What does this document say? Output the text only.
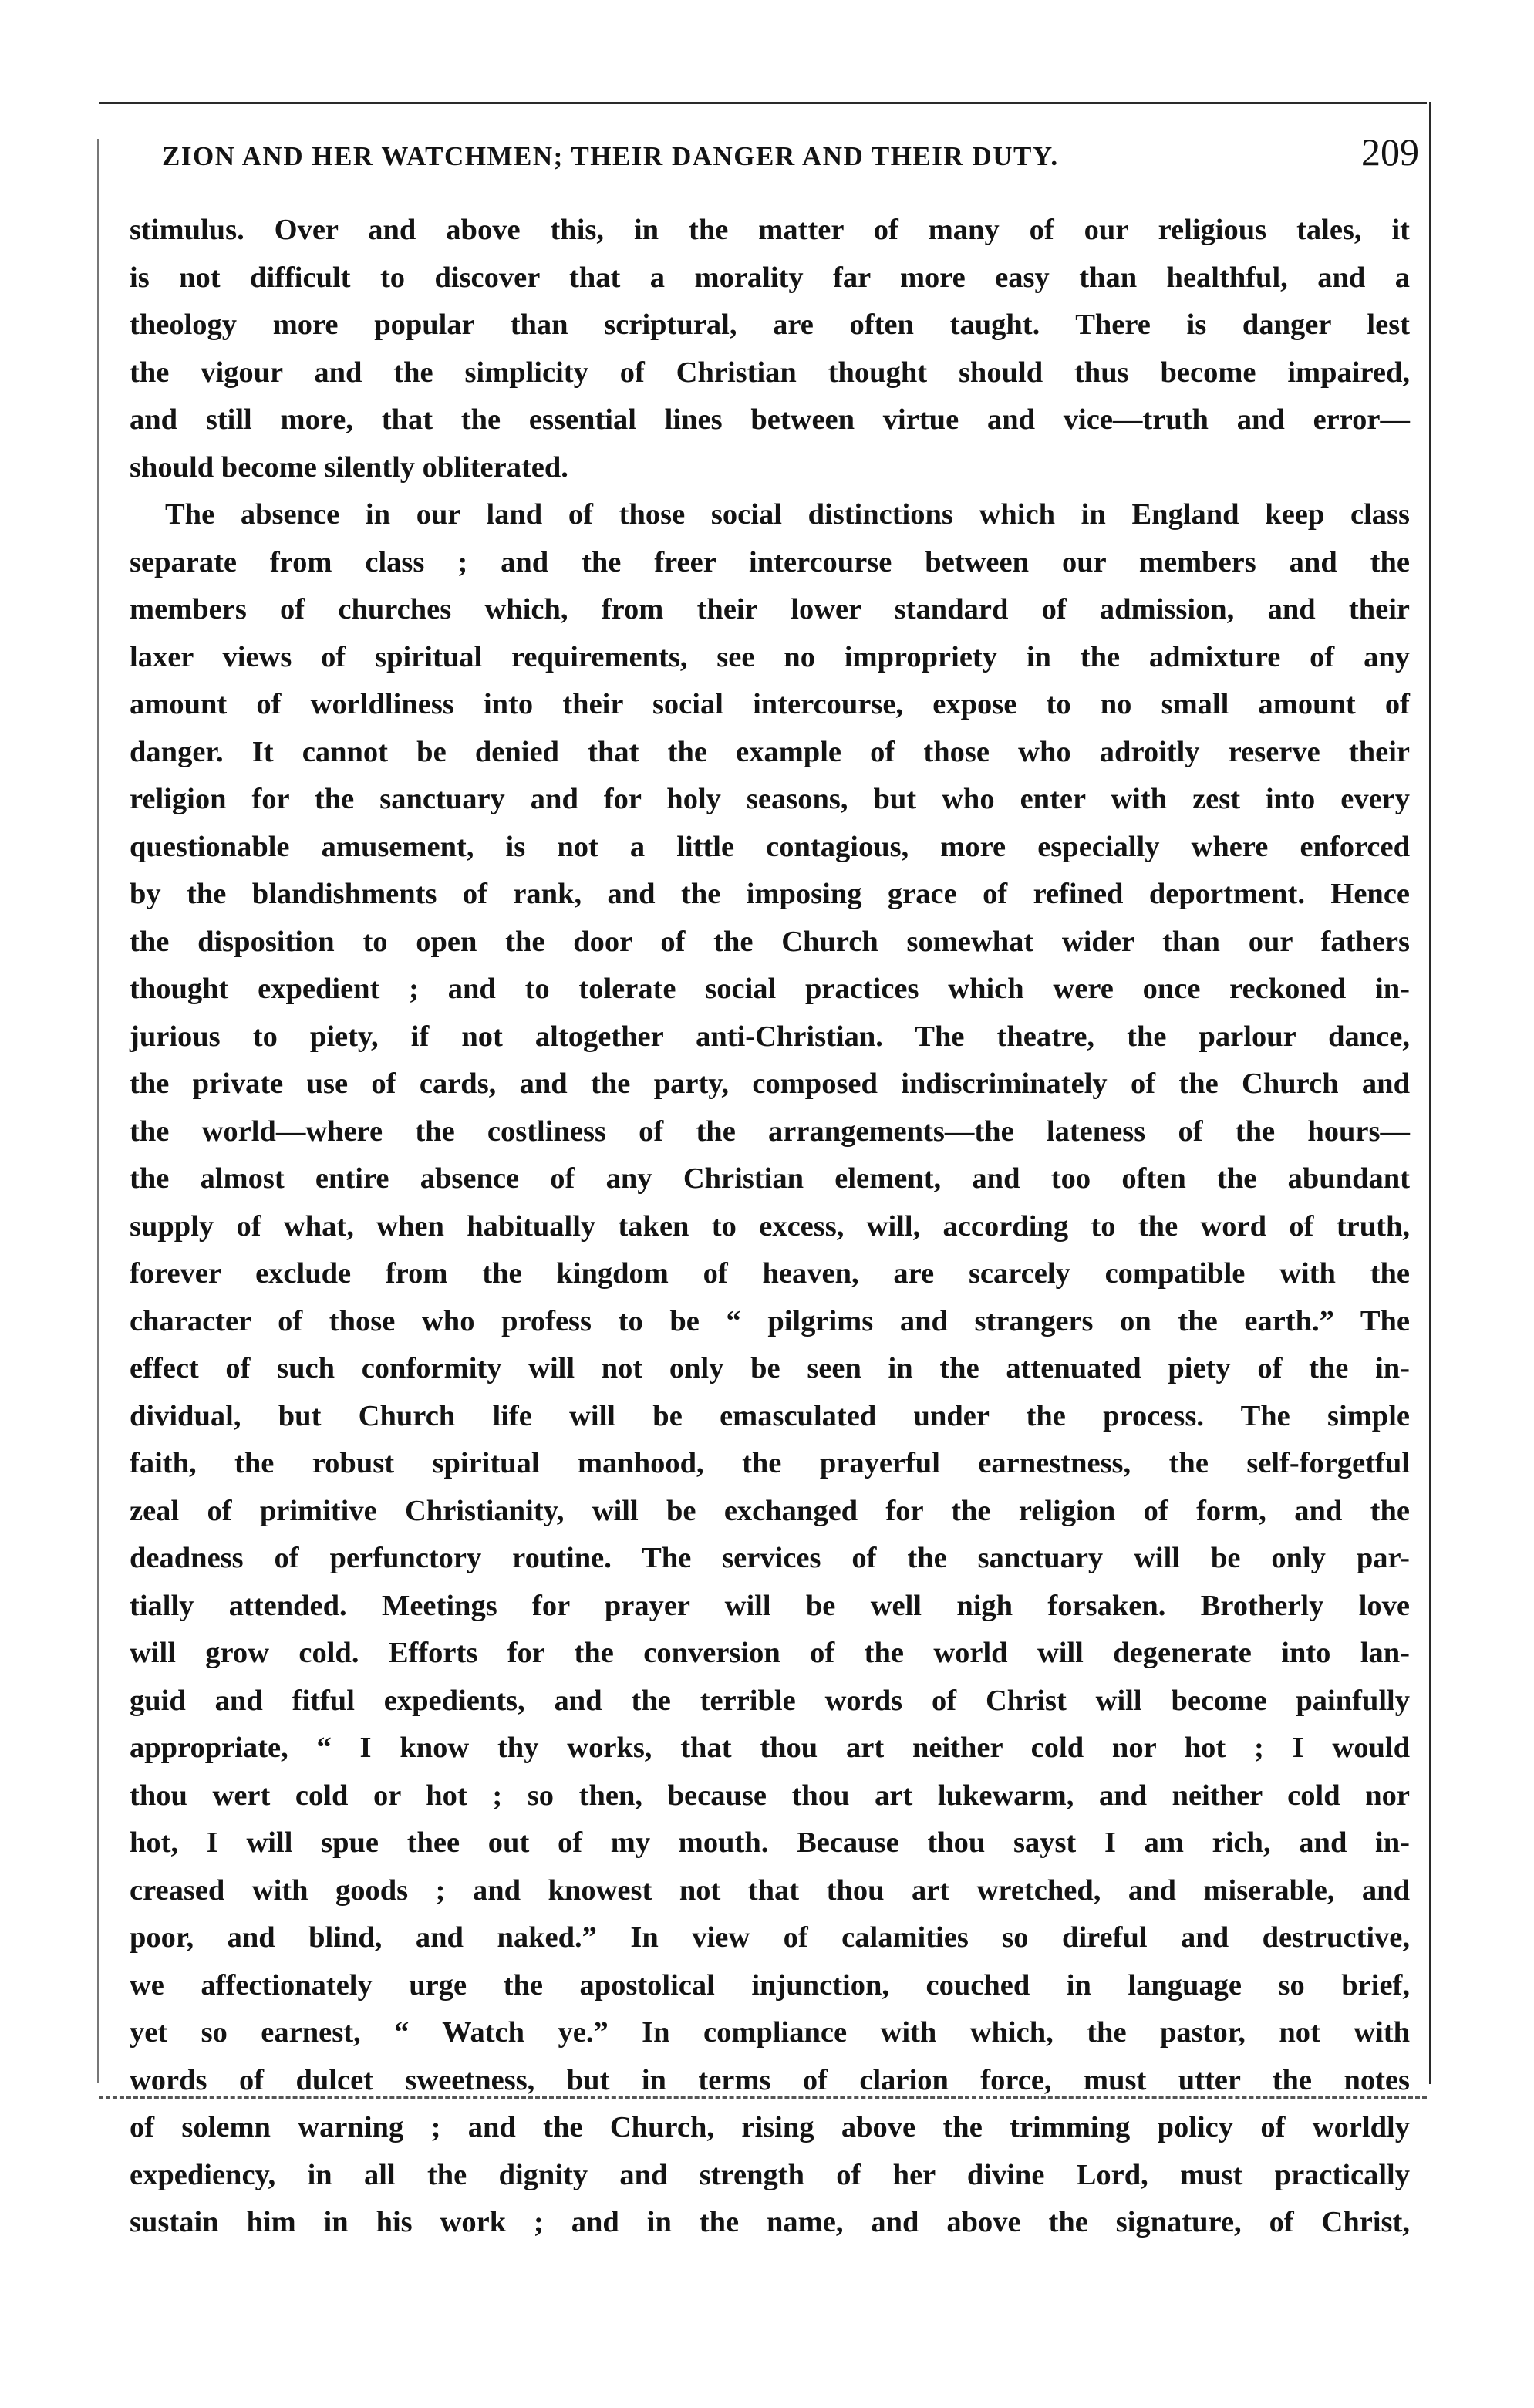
ZION AND HER WATCHMEN; THEIR DANGER AND THEIR DUTY.	209
stimulus. Over and above this, in the matter of many of our religious tales, it
is not difficult to discover that a morality far more easy than healthful, and a
theology more popular than scriptural, are often taught. There is danger lest
the vigour and the simplicity of Christian thought should thus become impaired,
and still more, that the essential lines between virtue and vice—truth and error—
should become silently obliterated.
The absence in our land of those social distinctions which in England keep class
separate from class ; and the freer intercourse between our members and the
members of churches which, from their lower standard of admission, and their
laxer views of spiritual requirements, see no impropriety in the admixture of any
amount of worldliness into their social intercourse, expose to no small amount of
danger. It cannot be denied that the example of those who adroitly reserve their
religion for the sanctuary and for holy seasons, but who enter with zest into every
questionable amusement, is not a little contagious, more especially where enforced
by the blandishments of rank, and the imposing grace of refined deportment. Hence
the disposition to open the door of the Church somewhat wider than our fathers
thought expedient ; and to tolerate social practices which were once reckoned in-
jurious to piety, if not altogether anti-Christian. The theatre, the parlour dance,
the private use of cards, and the party, composed indiscriminately of the Church and
the world—where the costliness of the arrangements—the lateness of the hours—
the almost entire absence of any Christian element, and too often the abundant
supply of what, when habitually taken to excess, will, according to the word of truth,
forever exclude from the kingdom of heaven, are scarcely compatible with the
character of those who profess to be “ pilgrims and strangers on the earth.” The
effect of such conformity will not only be seen in the attenuated piety of the in-
dividual, but Church life will be emasculated under the process. The simple
faith, the robust spiritual manhood, the prayerful earnestness, the self-forgetful
zeal of primitive Christianity, will be exchanged for the religion of form, and the
deadness of perfunctory routine. The services of the sanctuary will be only par-
tially attended. Meetings for prayer will be well nigh forsaken. Brotherly love
will grow cold. Efforts for the conversion of the world will degenerate into lan-
guid and fitful expedients, and the terrible words of Christ will become painfully
appropriate, “ I know thy works, that thou art neither cold nor hot ; I would
thou wert cold or hot ; so then, because thou art lukewarm, and neither cold nor
hot, I will spue thee out of my mouth. Because thou sayst I am rich, and in-
creased with goods ; and knowest not that thou art wretched, and miserable, and
poor, and blind, and naked.” In view of calamities so direful and destructive,
we affectionately urge the apostolical injunction, couched in language so brief,
yet so earnest, “ Watch ye.” In compliance with which, the pastor, not with
words of dulcet sweetness, but in terms of clarion force, must utter the notes
of solemn warning ; and the Church, rising above the trimming policy of worldly
expediency, in all the dignity and strength of her divine Lord, must practically
sustain him in his work ; and in the name, and above the signature, of Christ,
